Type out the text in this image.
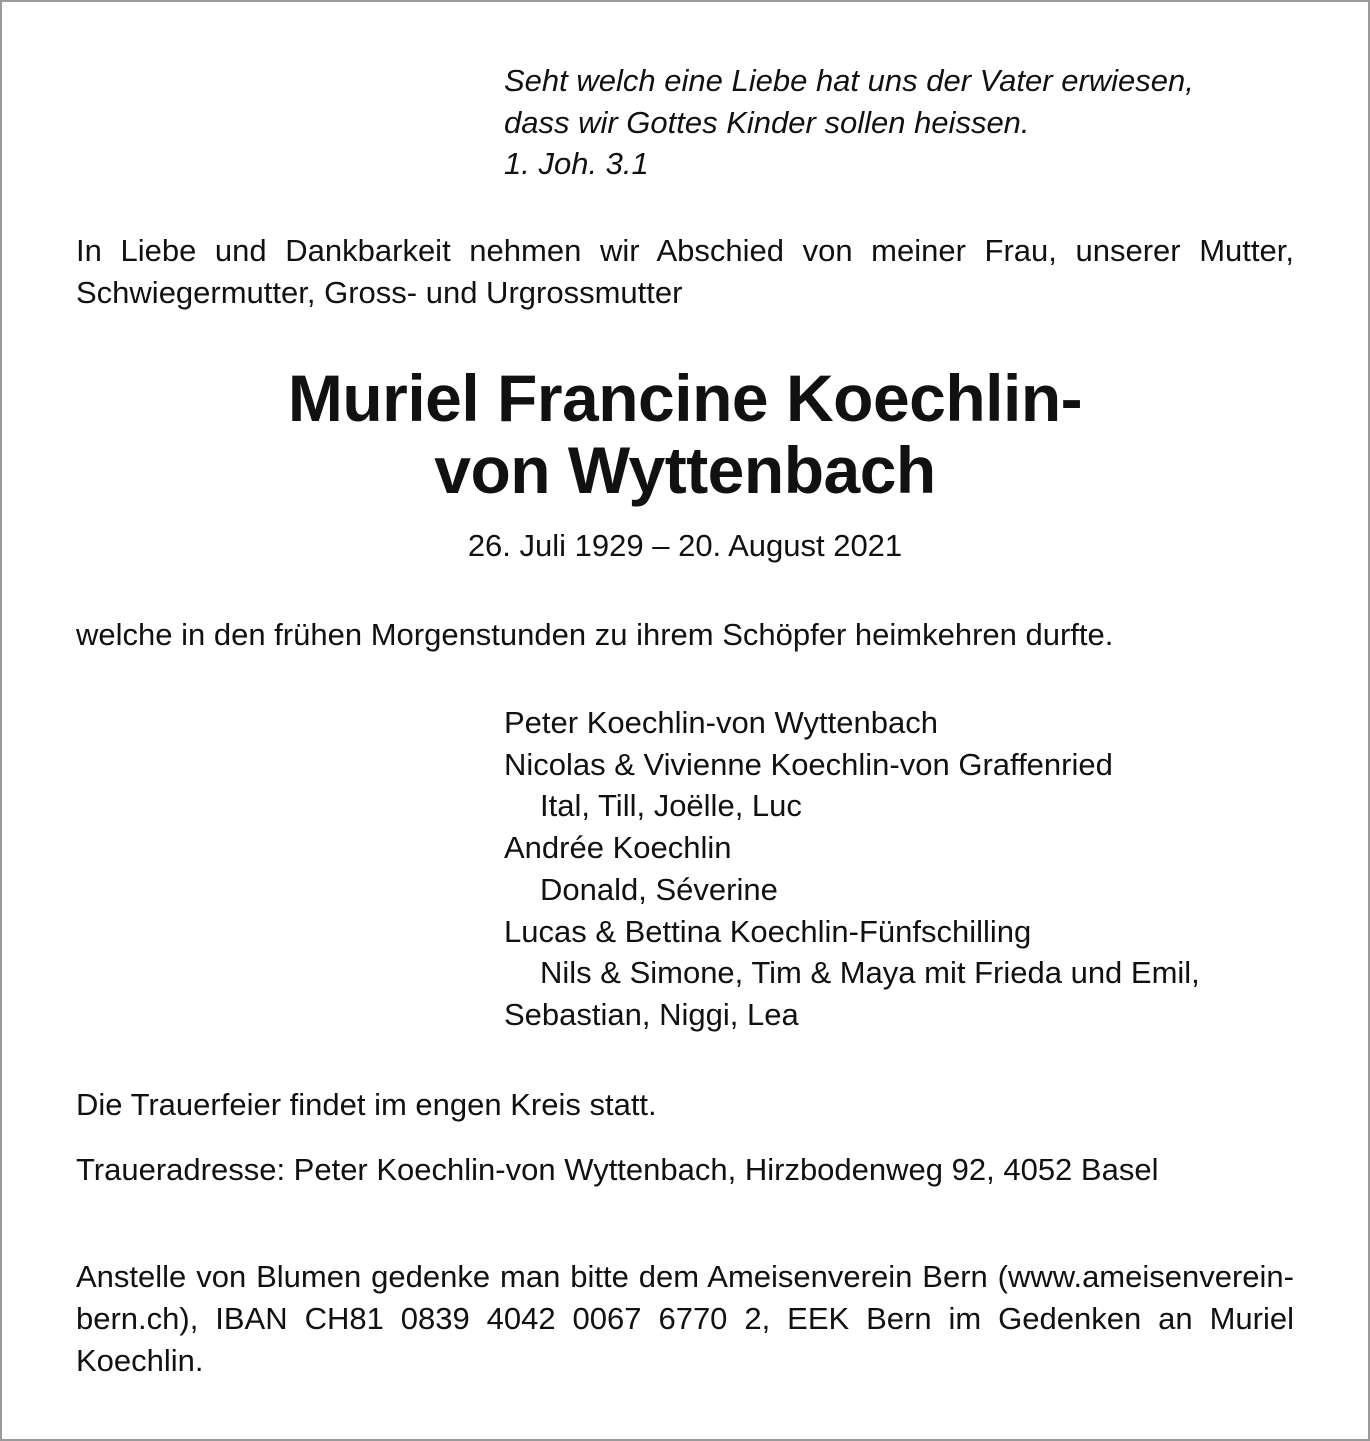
Seht welch eine Liebe hat uns der Vater erwiesen,
dass wir Gottes Kinder sollen heissen.
1. Joh. 3.1
In Liebe und Dankbarkeit nehmen wir Abschied von meiner Frau, unserer Mutter, Schwiegermutter, Gross- und Urgrossmutter
Muriel Francine Koechlin-
von Wyttenbach
26. Juli 1929 – 20. August 2021
welche in den frühen Morgenstunden zu ihrem Schöpfer heimkehren durfte.
Peter Koechlin-von Wyttenbach
Nicolas & Vivienne Koechlin-von Graffenried
Ital, Till, Joëlle, Luc
Andrée Koechlin
Donald, Séverine
Lucas & Bettina Koechlin-Fünfschilling
Nils & Simone, Tim & Maya mit Frieda und Emil,
Sebastian, Niggi, Lea
Die Trauerfeier findet im engen Kreis statt.
Traueradresse: Peter Koechlin-von Wyttenbach, Hirzbodenweg 92, 4052 Basel
Anstelle von Blumen gedenke man bitte dem Ameisenverein Bern (www.ameisenverein-bern.ch), IBAN CH81 0839 4042 0067 6770 2, EEK Bern im Gedenken an Muriel Koechlin.
